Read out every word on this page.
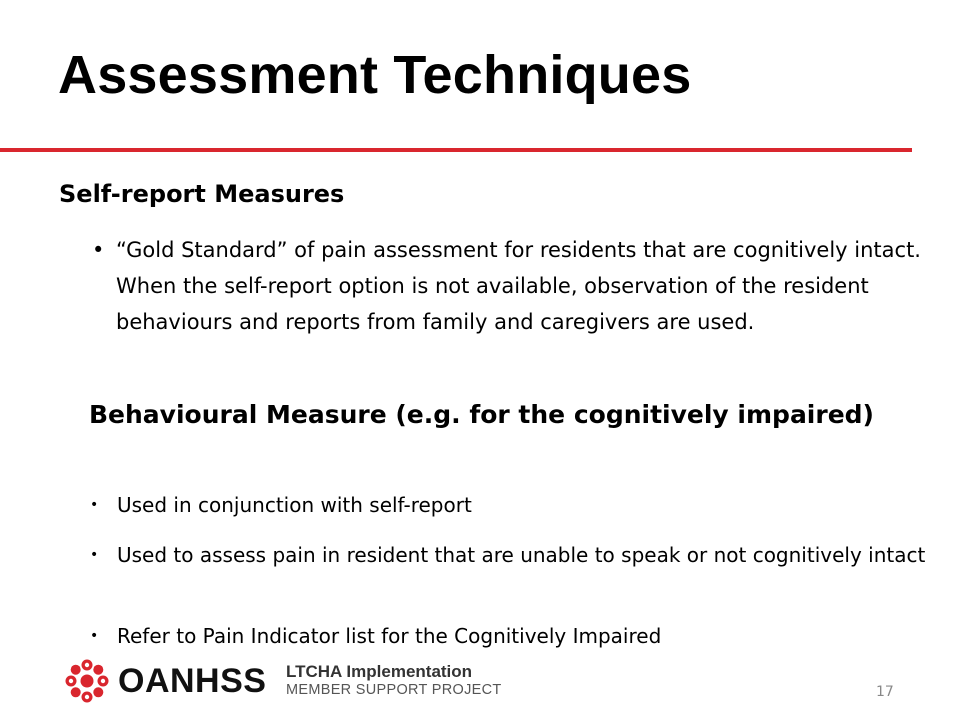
Assessment Techniques

Self-report Measures

• “Gold Standard” of pain assessment for residents that are cognitively intact. When the self-report option is not available, observation of the resident behaviours and reports from family and caregivers are used.

Behavioural Measure (e.g. for the cognitively impaired)

• Used in conjunction with self-report

• Used to assess pain in resident that are unable to speak or not cognitively intact

• Refer to Pain Indicator list for the Cognitively Impaired

OANHSS LTCHA Implementation
MEMBER SUPPORT PROJECT	17
